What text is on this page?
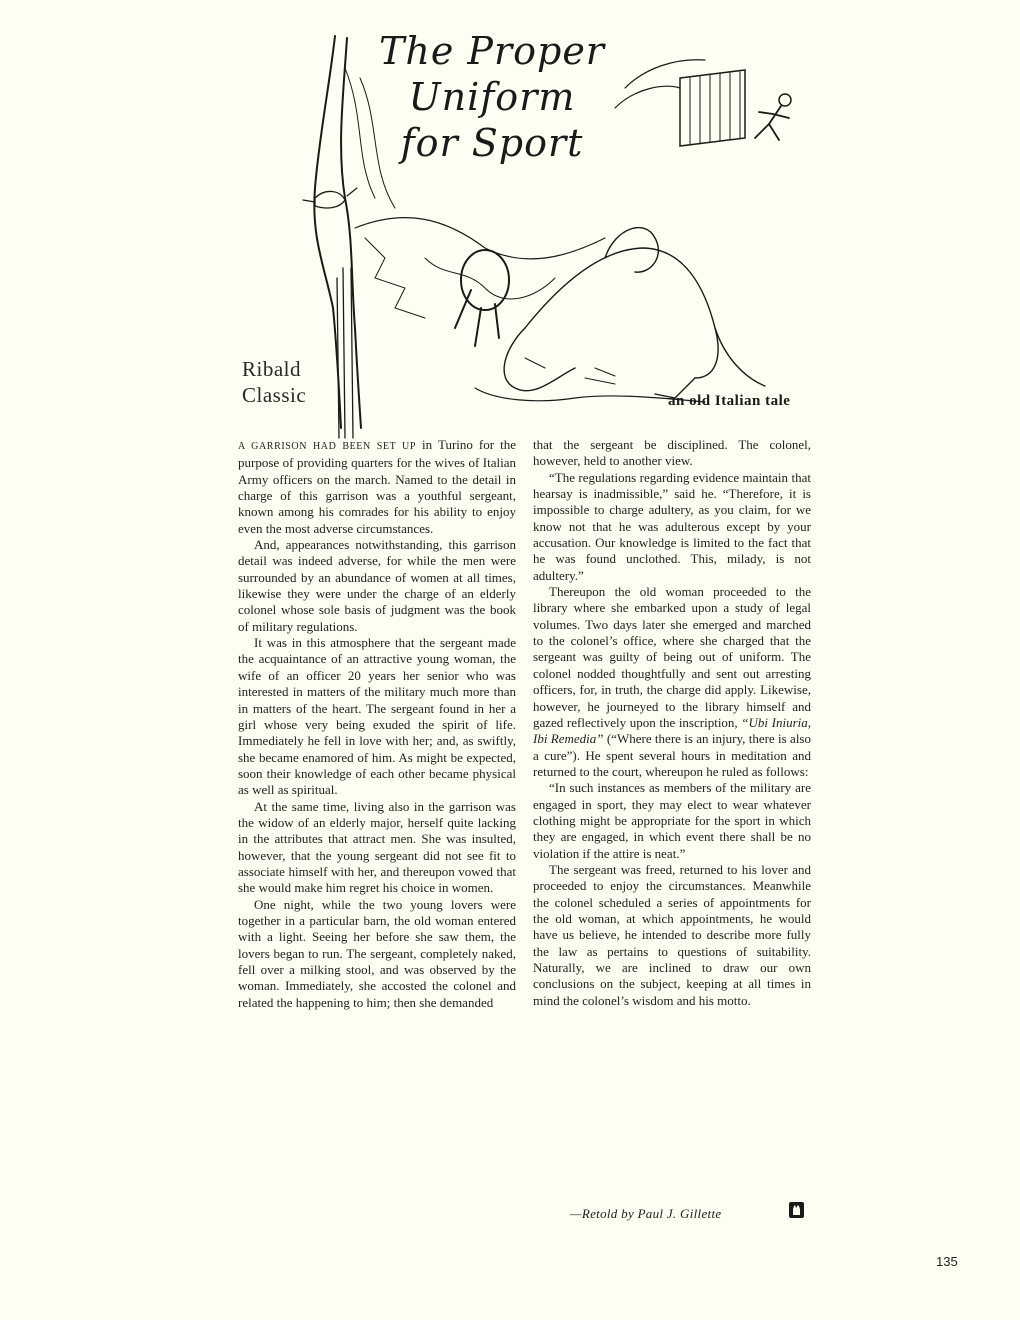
The Proper
Uniform
for Sport
Ribald
Classic	an old Italian tale

A GARRISON HAD BEEN SET UP in Turino for the purpose of providing quarters for the wives of Italian Army officers on the march. Named to the detail in charge of this garrison was a youthful sergeant, known among his comrades for his ability to enjoy even the most adverse circumstances.

And, appearances notwithstanding, this garrison detail was indeed adverse, for while the men were surrounded by an abundance of women at all times, likewise they were under the charge of an elderly colonel whose sole basis of judgment was the book of military regulations.

It was in this atmosphere that the sergeant made the acquaintance of an attractive young woman, the wife of an officer 20 years her senior who was interested in matters of the military much more than in matters of the heart. The sergeant found in her a girl whose very being exuded the spirit of life. Immediately he fell in love with her; and, as swiftly, she became enamored of him. As might be expected, soon their knowledge of each other became physical as well as spiritual.

At the same time, living also in the garrison was the widow of an elderly major, herself quite lacking in the attributes that attract men. She was insulted, however, that the young sergeant did not see fit to associate himself with her, and thereupon vowed that she would make him regret his choice in women.

One night, while the two young lovers were together in a particular barn, the old woman entered with a light. Seeing her before she saw them, the lovers began to run. The sergeant, completely naked, fell over a milking stool, and was observed by the woman. Immediately, she accosted the colonel and related the happening to him; then she demanded

that the sergeant be disciplined. The colonel, however, held to another view.

“The regulations regarding evidence maintain that hearsay is inadmissible,” said he. “Therefore, it is impossible to charge adultery, as you claim, for we know not that he was adulterous except by your accusation. Our knowledge is limited to the fact that he was found unclothed. This, milady, is not adultery.”

Thereupon the old woman proceeded to the library where she embarked upon a study of legal volumes. Two days later she emerged and marched to the colonel’s office, where she charged that the sergeant was guilty of being out of uniform. The colonel nodded thoughtfully and sent out arresting officers, for, in truth, the charge did apply. Likewise, however, he journeyed to the library himself and gazed reflectively upon the inscription, “Ubi Iniuria, Ibi Remedia” (“Where there is an injury, there is also a cure”). He spent several hours in meditation and returned to the court, whereupon he ruled as follows:

“In such instances as members of the military are engaged in sport, they may elect to wear whatever clothing might be appropriate for the sport in which they are engaged, in which event there shall be no violation if the attire is neat.”

The sergeant was freed, returned to his lover and proceeded to enjoy the circumstances. Meanwhile the colonel scheduled a series of appointments for the old woman, at which appointments, he would have us believe, he intended to describe more fully the law as pertains to questions of suitability. Naturally, we are inclined to draw our own conclusions on the subject, keeping at all times in mind the colonel’s wisdom and his motto.

—Retold by Paul J. Gillette
135
